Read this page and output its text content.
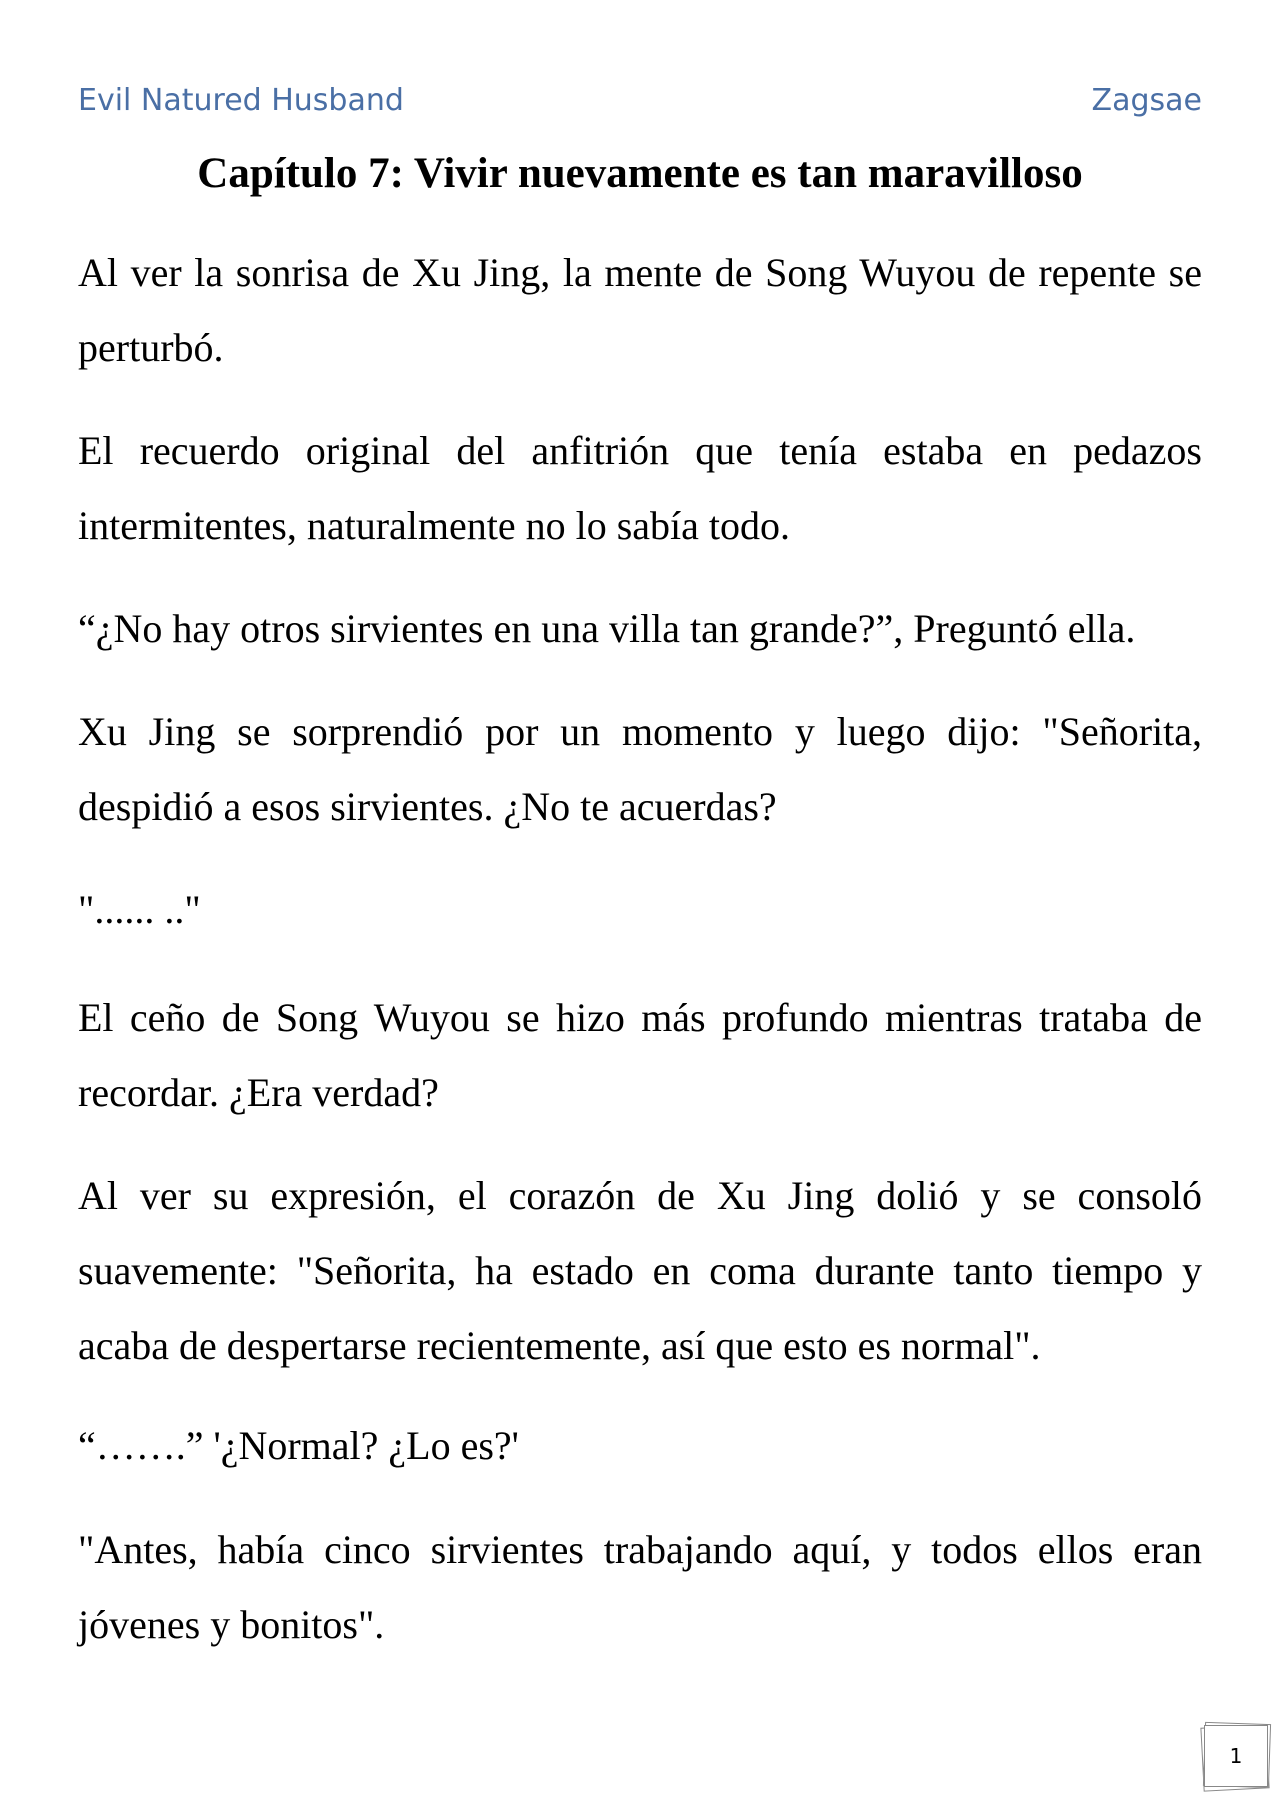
Evil Natured Husband	Zagsae
Capítulo 7: Vivir nuevamente es tan maravilloso

Al ver la sonrisa de Xu Jing, la mente de Song Wuyou de repente se perturbó.

El recuerdo original del anfitrión que tenía estaba en pedazos intermitentes, naturalmente no lo sabía todo.

“¿No hay otros sirvientes en una villa tan grande?”, Preguntó ella.

Xu Jing se sorprendió por un momento y luego dijo: "Señorita, despidió a esos sirvientes. ¿No te acuerdas?

"...... .."

El ceño de Song Wuyou se hizo más profundo mientras trataba de recordar. ¿Era verdad?

Al ver su expresión, el corazón de Xu Jing dolió y se consoló suavemente: "Señorita, ha estado en coma durante tanto tiempo y acaba de despertarse recientemente, así que esto es normal".

“…….” '¿Normal? ¿Lo es?'

"Antes, había cinco sirvientes trabajando aquí, y todos ellos eran jóvenes y bonitos".

1
